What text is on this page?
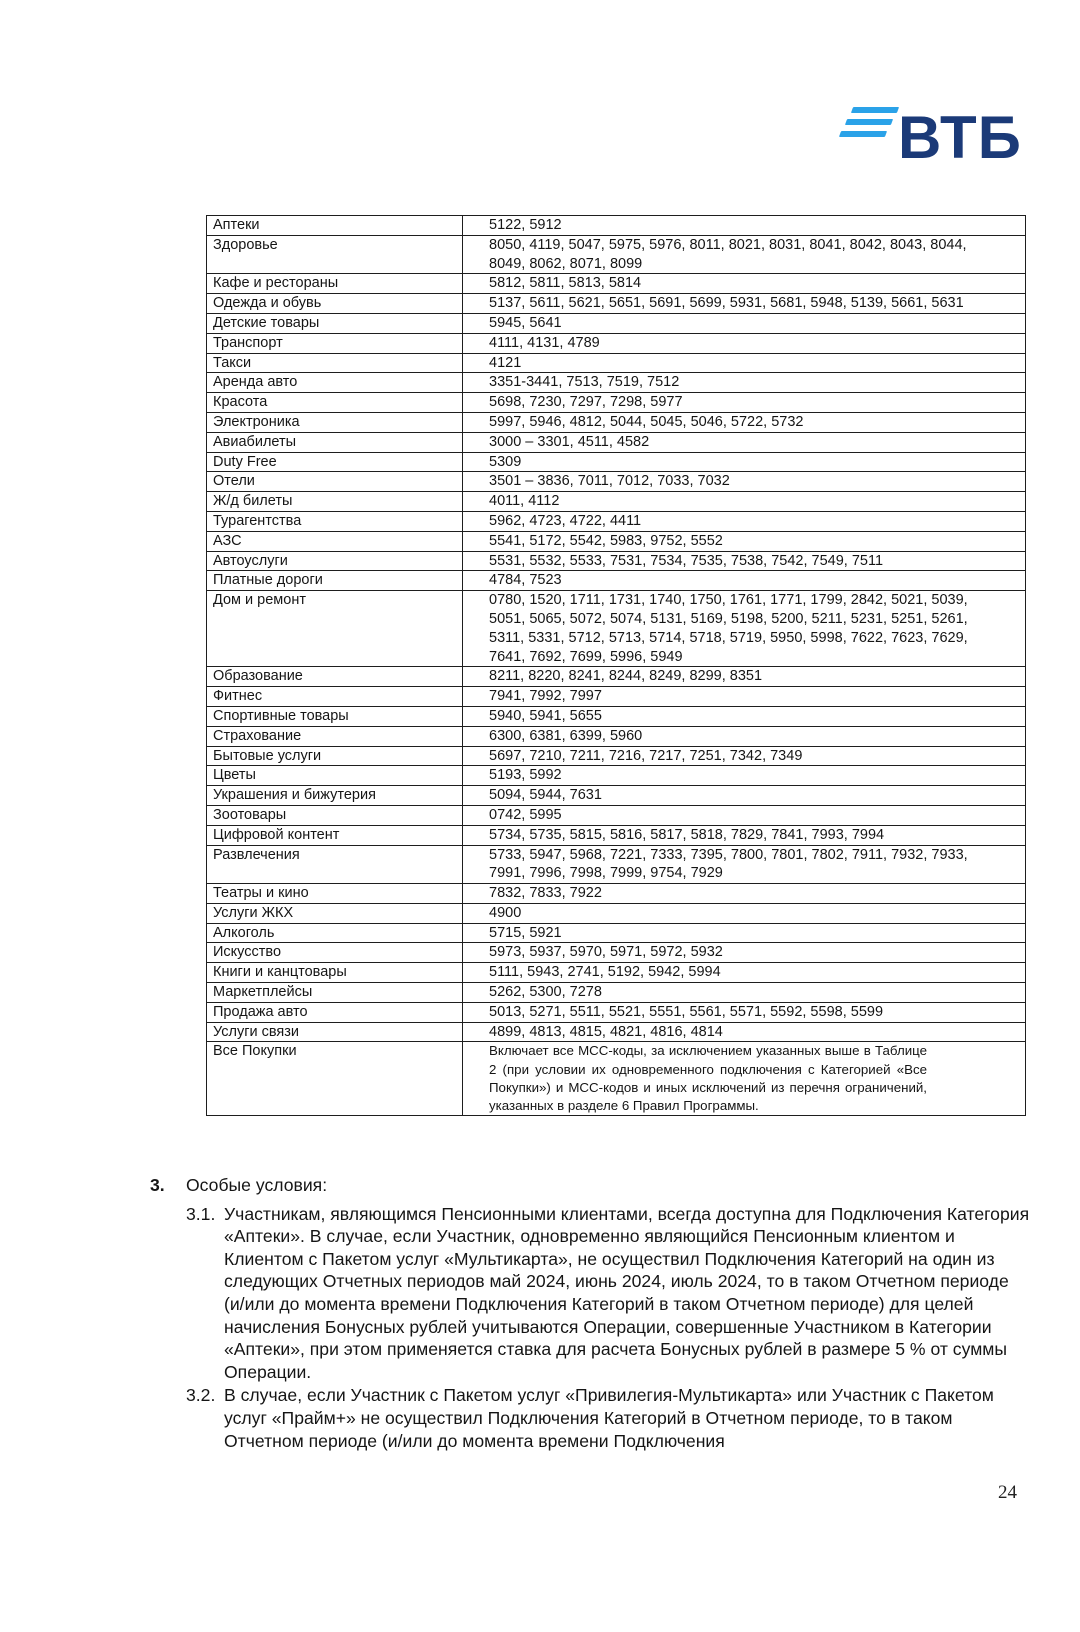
ВТБ
Аптеки	5122, 5912
Здоровье	8050, 4119, 5047, 5975, 5976, 8011, 8021, 8031, 8041, 8042, 8043, 8044, 8049, 8062, 8071, 8099
Кафе и рестораны	5812, 5811, 5813, 5814
Одежда и обувь	5137, 5611, 5621, 5651, 5691, 5699, 5931, 5681, 5948, 5139, 5661, 5631
Детские товары	5945, 5641
Транспорт	4111, 4131, 4789
Такси	4121
Аренда авто	3351-3441, 7513, 7519, 7512
Красота	5698, 7230, 7297, 7298, 5977
Электроника	5997, 5946, 4812, 5044, 5045, 5046, 5722, 5732
Авиабилеты	3000 – 3301, 4511, 4582
Duty Free	5309
Отели	3501 – 3836, 7011, 7012, 7033, 7032
Ж/д билеты	4011, 4112
Турагентства	5962, 4723, 4722, 4411
АЗС	5541, 5172, 5542, 5983, 9752, 5552
Автоуслуги	5531, 5532, 5533, 7531, 7534, 7535, 7538, 7542, 7549, 7511
Платные дороги	4784, 7523
Дом и ремонт	0780, 1520, 1711, 1731, 1740, 1750, 1761, 1771, 1799, 2842, 5021, 5039, 5051, 5065, 5072, 5074, 5131, 5169, 5198, 5200, 5211, 5231, 5251, 5261, 5311, 5331, 5712, 5713, 5714, 5718, 5719, 5950, 5998, 7622, 7623, 7629, 7641, 7692, 7699, 5996, 5949
Образование	8211, 8220, 8241, 8244, 8249, 8299, 8351
Фитнес	7941, 7992, 7997
Спортивные товары	5940, 5941, 5655
Страхование	6300, 6381, 6399, 5960
Бытовые услуги	5697, 7210, 7211, 7216, 7217, 7251, 7342, 7349
Цветы	5193, 5992
Украшения и бижутерия	5094, 5944, 7631
Зоотовары	0742, 5995
Цифровой контент	5734, 5735, 5815, 5816, 5817, 5818, 7829, 7841, 7993, 7994
Развлечения	5733, 5947, 5968, 7221, 7333, 7395, 7800, 7801, 7802, 7911, 7932, 7933, 7991, 7996, 7998, 7999, 9754, 7929
Театры и кино	7832, 7833, 7922
Услуги ЖКХ	4900
Алкоголь	5715, 5921
Искусство	5973, 5937, 5970, 5971, 5972, 5932
Книги и канцтовары	5111, 5943, 2741, 5192, 5942, 5994
Маркетплейсы	5262, 5300, 7278
Продажа авто	5013, 5271, 5511, 5521, 5551, 5561, 5571, 5592, 5598, 5599
Услуги связи	4899, 4813, 4815, 4821, 4816, 4814
Все Покупки	Включает все МСС-коды, за исключением указанных выше в Таблице 2 (при условии их одновременного подключения с Категорией «Все Покупки») и МСС-кодов и иных исключений из перечня ограничений, указанных в разделе 6 Правил Программы.
3. Особые условия:
3.1. Участникам, являющимся Пенсионными клиентами, всегда доступна для Подключения Категория «Аптеки». В случае, если Участник, одновременно являющийся Пенсионным клиентом и Клиентом с Пакетом услуг «Мультикарта», не осуществил Подключения Категорий на один из следующих Отчетных периодов май 2024, июнь 2024, июль 2024, то в таком Отчетном периоде (и/или до момента времени Подключения Категорий в таком Отчетном периоде) для целей начисления Бонусных рублей учитываются Операции, совершенные Участником в Категории «Аптеки», при этом применяется ставка для расчета Бонусных рублей в размере 5 % от суммы Операции.
3.2. В случае, если Участник с Пакетом услуг «Привилегия-Мультикарта» или Участник с Пакетом услуг «Прайм+» не осуществил Подключения Категорий в Отчетном периоде, то в таком Отчетном периоде (и/или до момента времени Подключения
24
